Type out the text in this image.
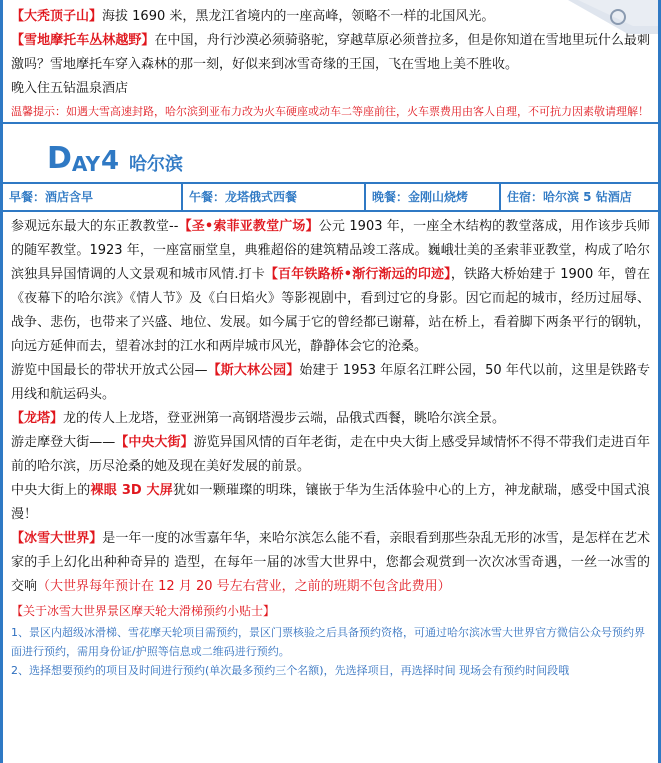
【大秃顶子山】海拔 1690 米，黑龙江省境内的一座高峰，领略不一样的北国风光。

【雪地摩托车丛林越野】在中国，舟行沙漠必须骑骆驼，穿越草原必须普拉多，但是你知道在雪地里玩什么最刺激吗？雪地摩托车穿入森林的那一刻，好似来到冰雪奇缘的王国，飞在雪地上美不胜收。

晚入住五钻温泉酒店

温馨提示：如遇大雪高速封路，哈尔滨到亚布力改为火车硬座或动车二等座前往，火车票费用由客人自理，不可抗力因素敬请理解！

D AY 4 哈尔滨
早餐：酒店含早	午餐：龙塔俄式西餐	晚餐：金刚山烧烤	住宿：哈尔滨 5 钻酒店

参观远东最大的东正教教堂--【圣•索菲亚教堂广场】公元 1903 年，一座全木结构的教堂落成，用作该步兵师的随军教堂。1923 年，一座富丽堂皇，典雅超俗的建筑精品竣工落成。巍峨壮美的圣索菲亚教堂，构成了哈尔滨独具异国情调的人文景观和城市风情.打卡【百年铁路桥•渐行渐远的印迹】，铁路大桥始建于 1900 年，曾在《夜幕下的哈尔滨》《情人节》及《白日焰火》等影视剧中，看到过它的身影。因它而起的城市，经历过屈辱、战争、悲伤，也带来了兴盛、地位、发展。如今属于它的曾经都已谢幕，站在桥上，看着脚下两条平行的钢轨，向远方延伸而去，望着冰封的江水和两岸城市风光，静静体会它的沧桑。

游览中国最长的带状开放式公园—【斯大林公园】始建于 1953 年原名江畔公园，50 年代以前，这里是铁路专用线和航运码头。

【龙塔】龙的传人上龙塔，登亚洲第一高钢塔漫步云端，品俄式西餐，眺哈尔滨全景。

游走摩登大街——【中央大街】游览异国风情的百年老街，走在中央大街上感受异域情怀不得不带我们走进百年前的哈尔滨，历尽沧桑的她及现在美好发展的前景。

中央大街上的裸眼 3D 大屏犹如一颗璀璨的明珠，镶嵌于华为生活体验中心的上方，神龙献瑞，感受中国式浪漫！

【冰雪大世界】是一年一度的冰雪嘉年华，来哈尔滨怎么能不看，亲眼看到那些杂乱无形的冰雪，是怎样在艺术家的手上幻化出种种奇异的 造型，在每年一届的冰雪大世界中，您都会观赏到一次次冰雪奇遇，一丝一冰雪的交响（大世界每年预计在 12 月 20 号左右营业，之前的班期不包含此费用）

【关于冰雪大世界景区摩天轮大滑梯预约小贴士】

1、景区内超级冰滑梯、雪花摩天轮项目需预约，景区门票核验之后具备预约资格，可通过哈尔滨冰雪大世界官方微信公众号预约界面进行预约，需用身份证/护照等信息或二维码进行预约。

2、选择想要预约的项目及时间进行预约(单次最多预约三个名额)，先选择项目，再选择时间 现场会有预约时间段哦
